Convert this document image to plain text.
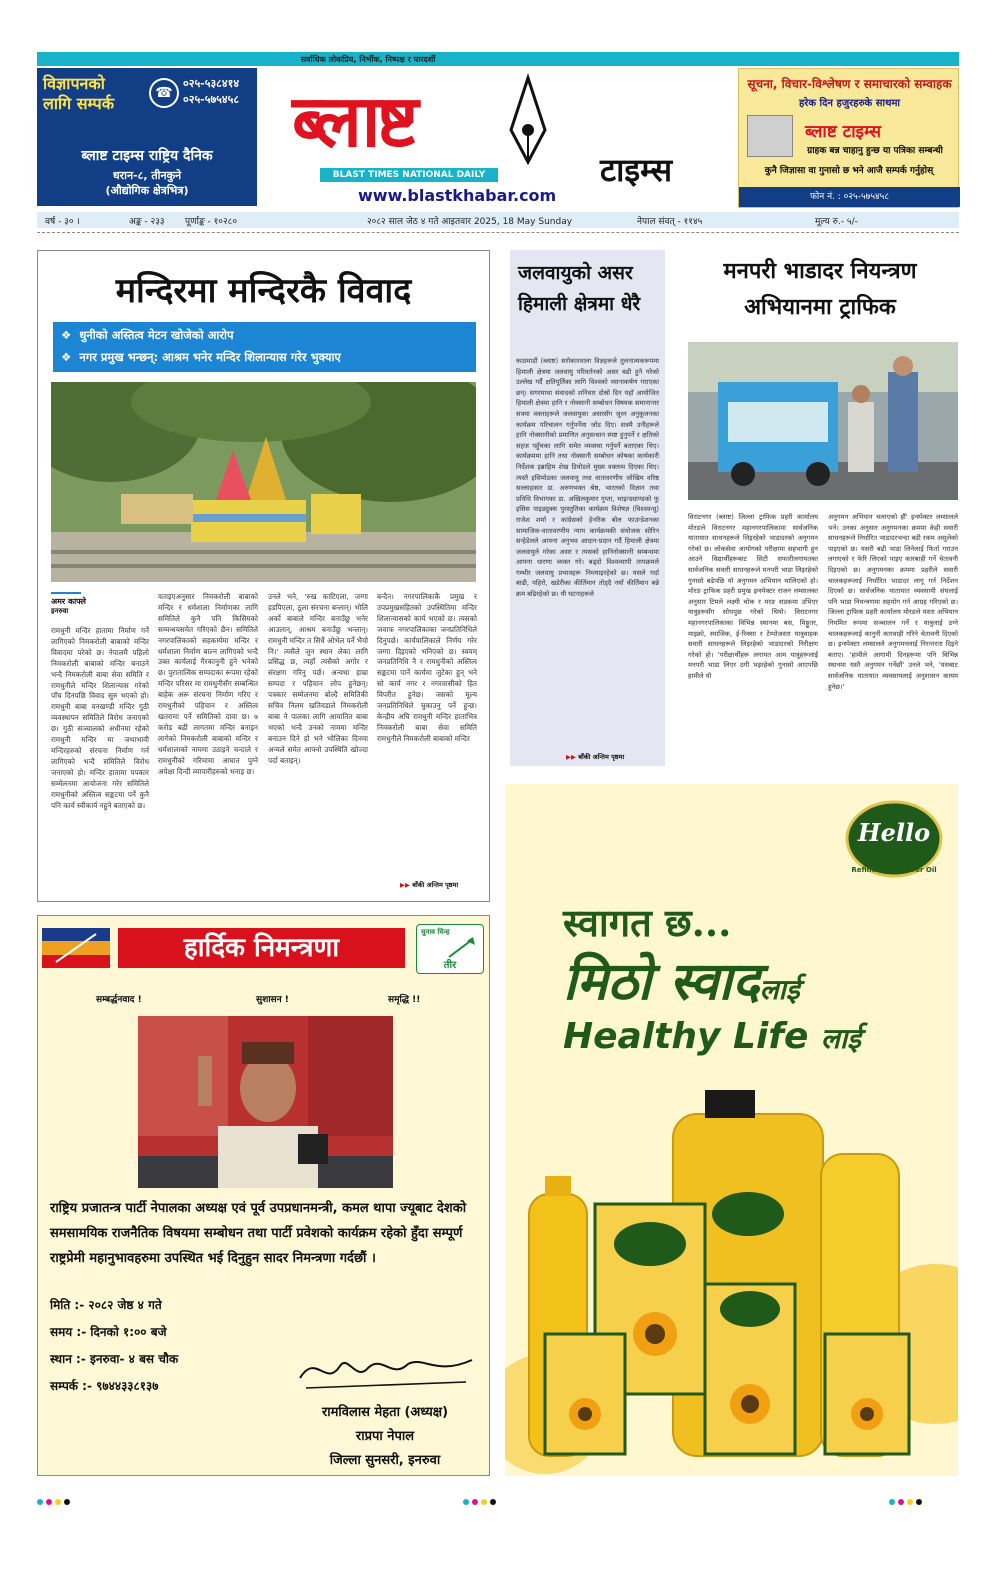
सर्वाधिक लोकप्रिय, निर्भीक, निष्पक्ष र पारदर्शी
विज्ञापनको
लागि सम्पर्क
☎
०२५-५३८४१४
०२५-५७५४५८
ब्लाष्ट टाइम्स राष्ट्रिय दैनिक
धरान-८, तीनकुने
(औद्योगिक क्षेत्रभित्र)
ब्लाष्ट
टाइम्स
BLAST TIMES NATIONAL DAILY
www.blastkhabar.com
सूचना, विचार-विश्लेषण र समाचारको सम्वाहक
हरेक दिन हजुरहरुके साथमा
ब्लाष्ट टाइम्स
ग्राहक बन्न चाहानु हुन्छ या पत्रिका सम्बन्धी
कुनै जिज्ञासा वा गुनासो छ भने आजै सम्पर्क गर्नुहोस्
फोन नं. : ०२५-५७५४५८
वर्ष - ३० ।	अङ्क - २३३ पूर्णाङ्क - १०२८०	२०८२ साल जेठ ४ गते आइतवार 2025, 18 May Sunday	नेपाल संवत् - ११४५	मूल्य रु.- ५/-
मन्दिरमा मन्दिरकै विवाद
❖  धुनीको अस्तित्व मेटन खोजेको आरोप
❖  नगर प्रमुख भन्छन्: आश्रम भनेर मन्दिर शिलान्यास गरेर भुक्याए
अमर काफ्ले
इनरुवा
रामधुनी मन्दिर हातामा निर्माण गर्ने लागिएको निमकरोली बाबाको मन्दिर विवादमा परेको छ। नेपालमै पहिलो निमकरोली बाबाको मन्दिर बनाउने भन्दै निमकरोली बाबा सेवा समिति र रामधुनीले मन्दिर शिलान्यास गरेको पाँच दिनपछि विवाद सुरु भएको हो। रामधुनी बाबा वनखण्डी मन्दिर गुठी व्यवस्थापन समितिले विरोध जनाएको छ। गुठी सञ्चालको अधीनमा रहेको रामधुनी मन्दिर मा जथाभावी मन्दिरहरुको संरचना निर्माण गर्न लागिएको भन्दै समितिले विरोध जनाएको हो। मन्दिर हातामा पपकार सम्मेलनमा आयोजना गरेर समितिले रामधुनीको अस्तित्व सङ्कटमा पर्ने कुनै पनि कार्य स्वीकार्य नहुने बताएको छ।
वताइएअनुसार निमकरोली बाबाको मन्दिर र धर्मशाला निर्माणका लागि समितिले कुनै पनि किसिमको सम्मन्धयसमेत गरिएको छैन। समितिले नगरपालिकाको सहकार्यमा मन्दिर र धर्मशाला निर्माण बाल्न लागिएको भन्दै उक्त कार्यलाई गैरकानुनी हुने भनेको छ। पुरातात्विक सम्पदाका रूपमा रहेको मन्दिर परिसर मा रामधुनीसँग सम्बन्धित बाहेक अरू संरचना निर्माण गरिए र रामधुनीको पहिचान र अस्तित्व खतरामा पर्ने समितिको दावा छ। ७ करोड बढी लागतमा मन्दिर बनाइन लागेको निमकरोली बाबाको मन्दिर र धर्मशालाको नाममा उठाइने चन्दाले र रामधुनीको गरिमामा आघात पुग्ने अपेक्षा दिन्दी व्यापारीहरुको भनाइ छ।
उनले भने, 'रुख काटिएला, जग्गा हडपिएला, ठूला संरचना बन्लान्। भोलि अर्को बाबाले मन्दिर बनाउँछु भनेर आउलान्, आश्रम बनाउँछु भन्लान्। रामधुनी मन्दिर त सिधैं ओभेल पर्ने भैयो नि।' त्यसैले जुन स्थान लेका लागि प्रसिद्ध छ, त्यहाँ त्यसैको अगोर र संरक्षण गरिनु पर्छ। अन्यथा हाम्रा सम्पदा र पहिचान लोप हुनेछन्। पत्रकार सम्मेलनमा बोल्दै समितिकी सचिव निलम खतिवडाले निमकरोली बाबा ने पालका लागि आयातित बाबा भएको भन्दै उनको नाममा मन्दिर बनाउन दिने हो भने भोलिका दिनमा अन्यले समेत आफ्नो उपस्थिति खोज्दा पर्दा बताइन्।
बन्दैन। नगरपालिकाकै प्रमुख र उपप्रमुखसहितको उपस्थितिमा मन्दिर शिलान्यासको कार्य भएको छ। त्यसको जवाफ नगरपालिकाका जनप्रतिनिधिले दिनुपर्छ। कार्यपालिकाले निर्णय गरेर जग्गा दिइएको भनिएको छ। स्वयम् जनप्रतिनिधि नै र रामधुनीको अस्तित्व सङ्कटमा पार्ने कार्यमा जुटेका हुन् भने सो कार्य नगर र नगरवासीको हित विपरीत हुनेछ। जसको मूल्य जनप्रतिनिधिले चुकाउनु पर्ने हुन्छ। केन्द्रीय अघि रामधुनी मन्दिर हाताभित्र निमकरोली बाबा सेवा समिति रामधुनीले निमकरोली बाबाको मन्दिर
▶▶ बाँकी अन्तिम पृष्ठमा
जलवायुको असर हिमाली क्षेत्रमा धेरै
काठमाडौं (ब्लाष्ट) सरोकारवाला विज्ञहरूले तुलनात्मकरूपमा हिमाली क्षेत्रमा जलवायु परिवर्तनको असर बढी हुने गरेको उल्लेख गर्दै क्षतिपूर्तिका लागि विश्वको ध्यानाकर्षण गराएका छन्। सगरमाथा संवादको शनिवार दोस्रो दिन यहाँ आयोजित हिमाली क्षेत्रमा हानि र नोक्सानी सम्बोधन विषयक समानान्तर सत्रमा वक्ताहरूले जलवायुका असरसँग जुध्न अनुकूलनका कार्यक्रम परिचालन गर्नुपर्नेमा जोड दिए। सत्रमै उनीहरूले हानि नोक्सानीको प्रमाणित अनुसन्धान स्पष्ट हुनुपर्ने र क्षतिको सहज पहुँचका लागि समेत व्यवस्था गर्नुपर्ने बताएका थिए। कार्यक्रममा हानि तथा नोक्सानी सम्बोधन कोषका कार्यकारी निर्देशक इब्राहिम शेख डियोडले मुख्य वक्तव्य दिएका थिए। त्यस्तै इसिमोडका जलवायु तथा वातावरणीय जोखिम वरिष्ठ सल्लाहकार डा. अरुणभक्त श्रेष्ठ, भारतको विज्ञान तथा प्रविधि विभागका डा. अखिलकुमार गुप्ता, भाइन्ड्याण्डको फू इसिस पाइड्युक्स पुरस्तुतिका कार्यक्रम विशेषज्ञ (विश्ववन्धु) राजेश शर्मा र कांग्रेसको हेनरिक बोल फाउन्डेशनका सामाजिक-वातावरणीय न्याय कार्यक्रमकी संयोजक सोरिन सन्हेडेलले आफ्ना अनुभव आदान-प्रदान गर्दै हिमाली क्षेत्रमा जलवायुले गरेका असर र त्यसको हानिनोक्सानी सम्बन्धमा आफ्ना धारणा व्यक्त गरे। बढ्दो विश्वव्यापी तापक्रमले गम्भीर जलवायु प्रभावहरू निम्त्याइरहेको छ। यसले गर्दा बाढी, पहिरो, खडेरीका कीर्तिमान तोड्दै नयाँ कीर्तिमान बन्ने क्रम बढिरहेको छ। यी घटनाहरूले
▶▶ बाँकी अन्तिम पृष्ठमा
मनपरी भाडादर नियन्त्रण
अभियानमा ट्राफिक
विराटनगर (ब्लाष्ट) जिल्ला ट्राफिक प्रहरी कार्यालय मोरङले विराटनगर महानगरपालिकामा सार्वजनिक यातायात साधनहरूले लिइरहेको भाडादरको अनुगमन गरेको छ। लोकसेवा आयोगको परीक्षामा सहभागी हुन आउने विद्यार्थीहरूबाट सिटी सफारीलगायतका सार्वजनिक सवारी साधनहरूले मनपरी भाडा लिइरहेको गुनासो बढेपछि यो अनुगमन अभियान थालिएको हो। मोरङ ट्राफिक प्रहरी प्रमुख इन्स्पेक्टर राजन लम्सालका अनुसार टिमले लक्ष्मी चोक र मरङ सडकमा उभिएर यात्रुहरूसँग सोधपुछ गरेको थियो। विराटनगर महानगरपालिकाका विभिन्न स्थानमा बस, मिठ्ठूतर, माइक्रो, स्याजिक, ई-रिक्सा र टेम्पोजस्ता यात्रुवाहक सवारी साधनहरूले लिइरहेको भाडादरको निरीक्षण गरेको हो। 'परीक्षार्थीहरू लगायत आम यात्रुहरूलाई मनपरी भाडा लिएर ठगी भइरहेको गुनासो आएपछि हामीले यो
अनुगमन अभियान चलाएको हौं' इन्स्पेक्टर लम्सालले भने। उनका अनुसार अनुगमनका क्रममा केही सवारी साधनहरूले निर्धारित भाडादरभन्दा बढी रकम असुलेको पाइएको छ। यसरी बढी भाडा लिनेलाई फिर्ता गराउन लगाएको र फेरि लिएको पाइए कारबाही गर्ने चेतावनी दिइएको छ। अनुगमनका क्रममा प्रहरीले सवारी चालकहरूलाई निर्धारित भाडादर लागू गर्न निर्देशन दिएको छ। सार्वजनिक यातायात व्यवसायी संघलाई पनि भाडा नियन्त्रणमा सहयोग गर्न आग्रह गरिएको छ। जिल्ला ट्राफिक प्रहरी कार्यालय मोरङले यस्ता अभियान नियमित रूपमा सञ्चालन गर्ने र यात्रुलाई ठग्ने चालकहरूलाई कानुनी कारवाही गरिने चेतावनी दिएको छ। इन्स्पेक्टर लम्सालले अनुगमनलाई निरन्तरता दिइने बताए। 'हामीले आगामी दिनहरूमा पनि विभिन्न स्थानमा यस्तै अनुगमन गर्नेछौं' उनले भने, 'यसबाट सार्वजनिक यातायात व्यवसायलाई अनुशासन कायम हुनेछ।'
हार्दिक निमन्त्रणा
चुनाव चिन्ह
तीर
सम्बर्द्धनवाद !	सुशासन !	समृद्धि !!
राष्ट्रिय प्रजातन्त्र पार्टी नेपालका अध्यक्ष एवं पूर्व उपप्रधानमन्त्री, कमल थापा ज्यूबाट देशको समसामयिक राजनैतिक विषयमा सम्बोधन तथा पार्टी प्रवेशको कार्यक्रम रहेको हुँदा सम्पूर्ण राष्ट्रप्रेमी महानुभावहरुमा उपस्थित भई दिनुहुन सादर निमन्त्रणा गर्दछौं ।
मिति :- २०८२ जेष्ठ ४ गते
समय :- दिनको १:०० बजे
स्थान :- इनरुवा- ४ बस चौक
सम्पर्क :- ९७४४३३८१३७
रामविलास मेहता (अध्यक्ष)
राप्रपा नेपाल
जिल्ला सुनसरी, इनरुवा
Hello
Refined Sunflower Oil
स्वागत छ...
मिठो स्वादलाई
Healthy Life लाई
